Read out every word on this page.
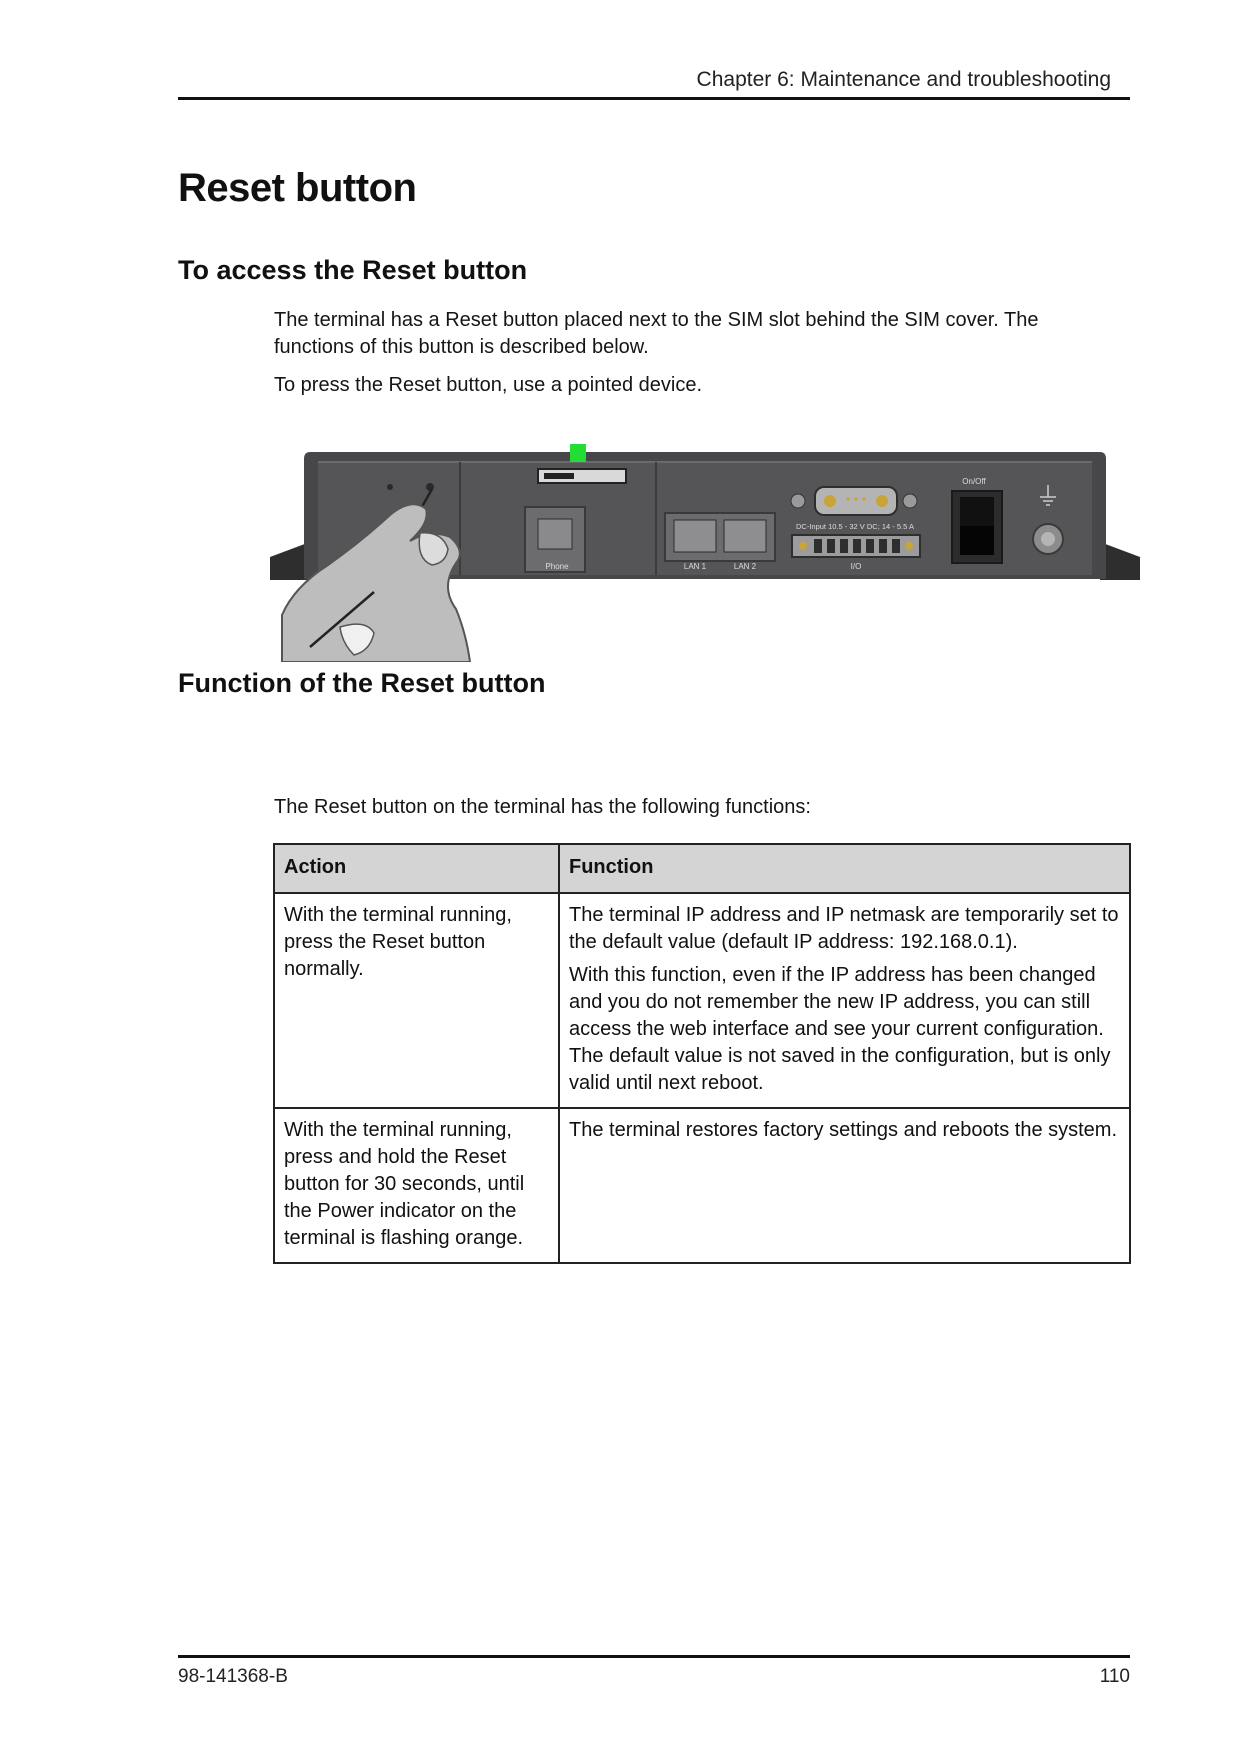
Chapter 6: Maintenance and troubleshooting
Reset button
To access the Reset button

The terminal has a Reset button placed next to the SIM slot behind the SIM cover. The functions of this button is described below.

To press the Reset button, use a pointed device.

Phone	LAN 1	LAN 2
DC-Input 10.5 - 32 V DC; 14 - 5.5 A
I/O
On/Off
Function of the Reset button

The Reset button on the terminal has the following functions:

Action	Function

With the terminal running, press the Reset button normally.	The terminal IP address and IP netmask are temporarily set to the default value (default IP address: 192.168.0.1).

With this function, even if the IP address has been changed and you do not remember the new IP address, you can still access the web interface and see your current configuration. The default value is not saved in the configuration, but is only valid until next reboot.

With the terminal running, press and hold the Reset button for 30 seconds, until the Power indicator on the terminal is flashing orange.	The terminal restores factory settings and reboots the system.

98-141368-B	110
